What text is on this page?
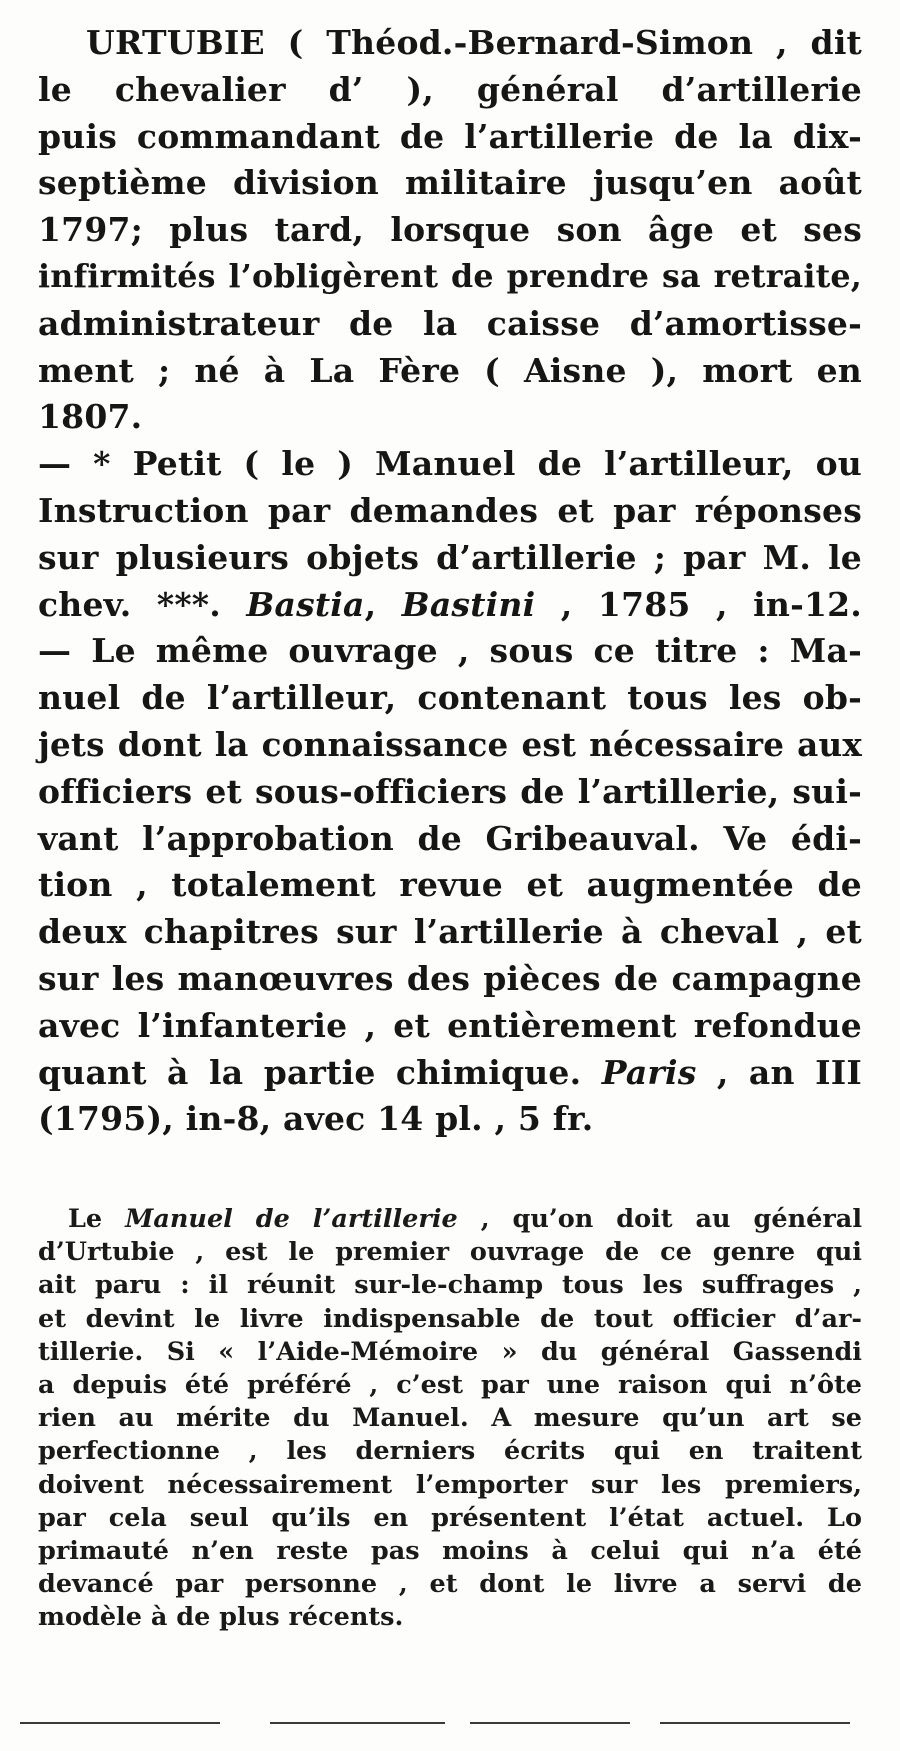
URTUBIE ( Théod.-Bernard-Simon , dit
le chevalier d’ ), général d’artillerie
puis commandant de l’artillerie de la dix-
septième division militaire jusqu’en août
1797; plus tard, lorsque son âge et ses
infirmités l’obligèrent de prendre sa retraite,
administrateur de la caisse d’amortisse-
ment ; né à La Fère ( Aisne ), mort en
1807.
— * Petit ( le ) Manuel de l’artilleur, ou
Instruction par demandes et par réponses
sur plusieurs objets d’artillerie ; par M. le
chev. ***. Bastia, Bastini , 1785 , in-12.
— Le même ouvrage , sous ce titre : Ma-
nuel de l’artilleur, contenant tous les ob-
jets dont la connaissance est nécessaire aux
officiers et sous-officiers de l’artillerie, sui-
vant l’approbation de Gribeauval. Ve édi-
tion , totalement revue et augmentée de
deux chapitres sur l’artillerie à cheval , et
sur les manœuvres des pièces de campagne
avec l’infanterie , et entièrement refondue
quant à la partie chimique. Paris , an III
(1795), in-8, avec 14 pl. , 5 fr.
Le Manuel de l’artillerie , qu’on doit au général
d’Urtubie , est le premier ouvrage de ce genre qui
ait paru : il réunit sur-le-champ tous les suffrages ,
et devint le livre indispensable de tout officier d’ar-
tillerie. Si « l’Aide-Mémoire » du général Gassendi
a depuis été préféré , c’est par une raison qui n’ôte
rien au mérite du Manuel. A mesure qu’un art se
perfectionne , les derniers écrits qui en traitent
doivent nécessairement l’emporter sur les premiers,
par cela seul qu’ils en présentent l’état actuel. Lo
primauté n’en reste pas moins à celui qui n’a été
devancé par personne , et dont le livre a servi de
modèle à de plus récents.
